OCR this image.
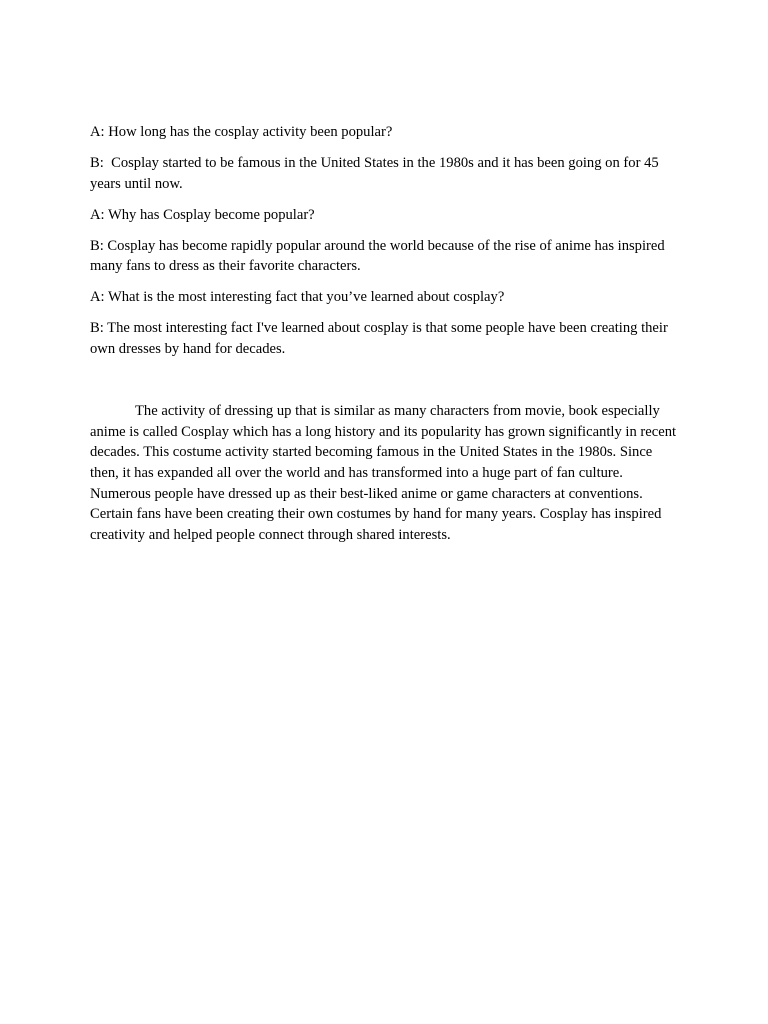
A: How long has the cosplay activity been popular?

B:  Cosplay started to be famous in the United States in the 1980s and it has been going on for 45 years until now.

A: Why has Cosplay become popular?

B: Cosplay has become rapidly popular around the world because of the rise of anime has inspired many fans to dress as their favorite characters.

A: What is the most interesting fact that you’ve learned about cosplay?

B: The most interesting fact I've learned about cosplay is that some people have been creating their own dresses by hand for decades.

The activity of dressing up that is similar as many characters from movie, book especially anime is called Cosplay which has a long history and its popularity has grown significantly in recent decades. This costume activity started becoming famous in the United States in the 1980s. Since then, it has expanded all over the world and has transformed into a huge part of fan culture. Numerous people have dressed up as their best-liked anime or game characters at conventions. Certain fans have been creating their own costumes by hand for many years. Cosplay has inspired creativity and helped people connect through shared interests.
